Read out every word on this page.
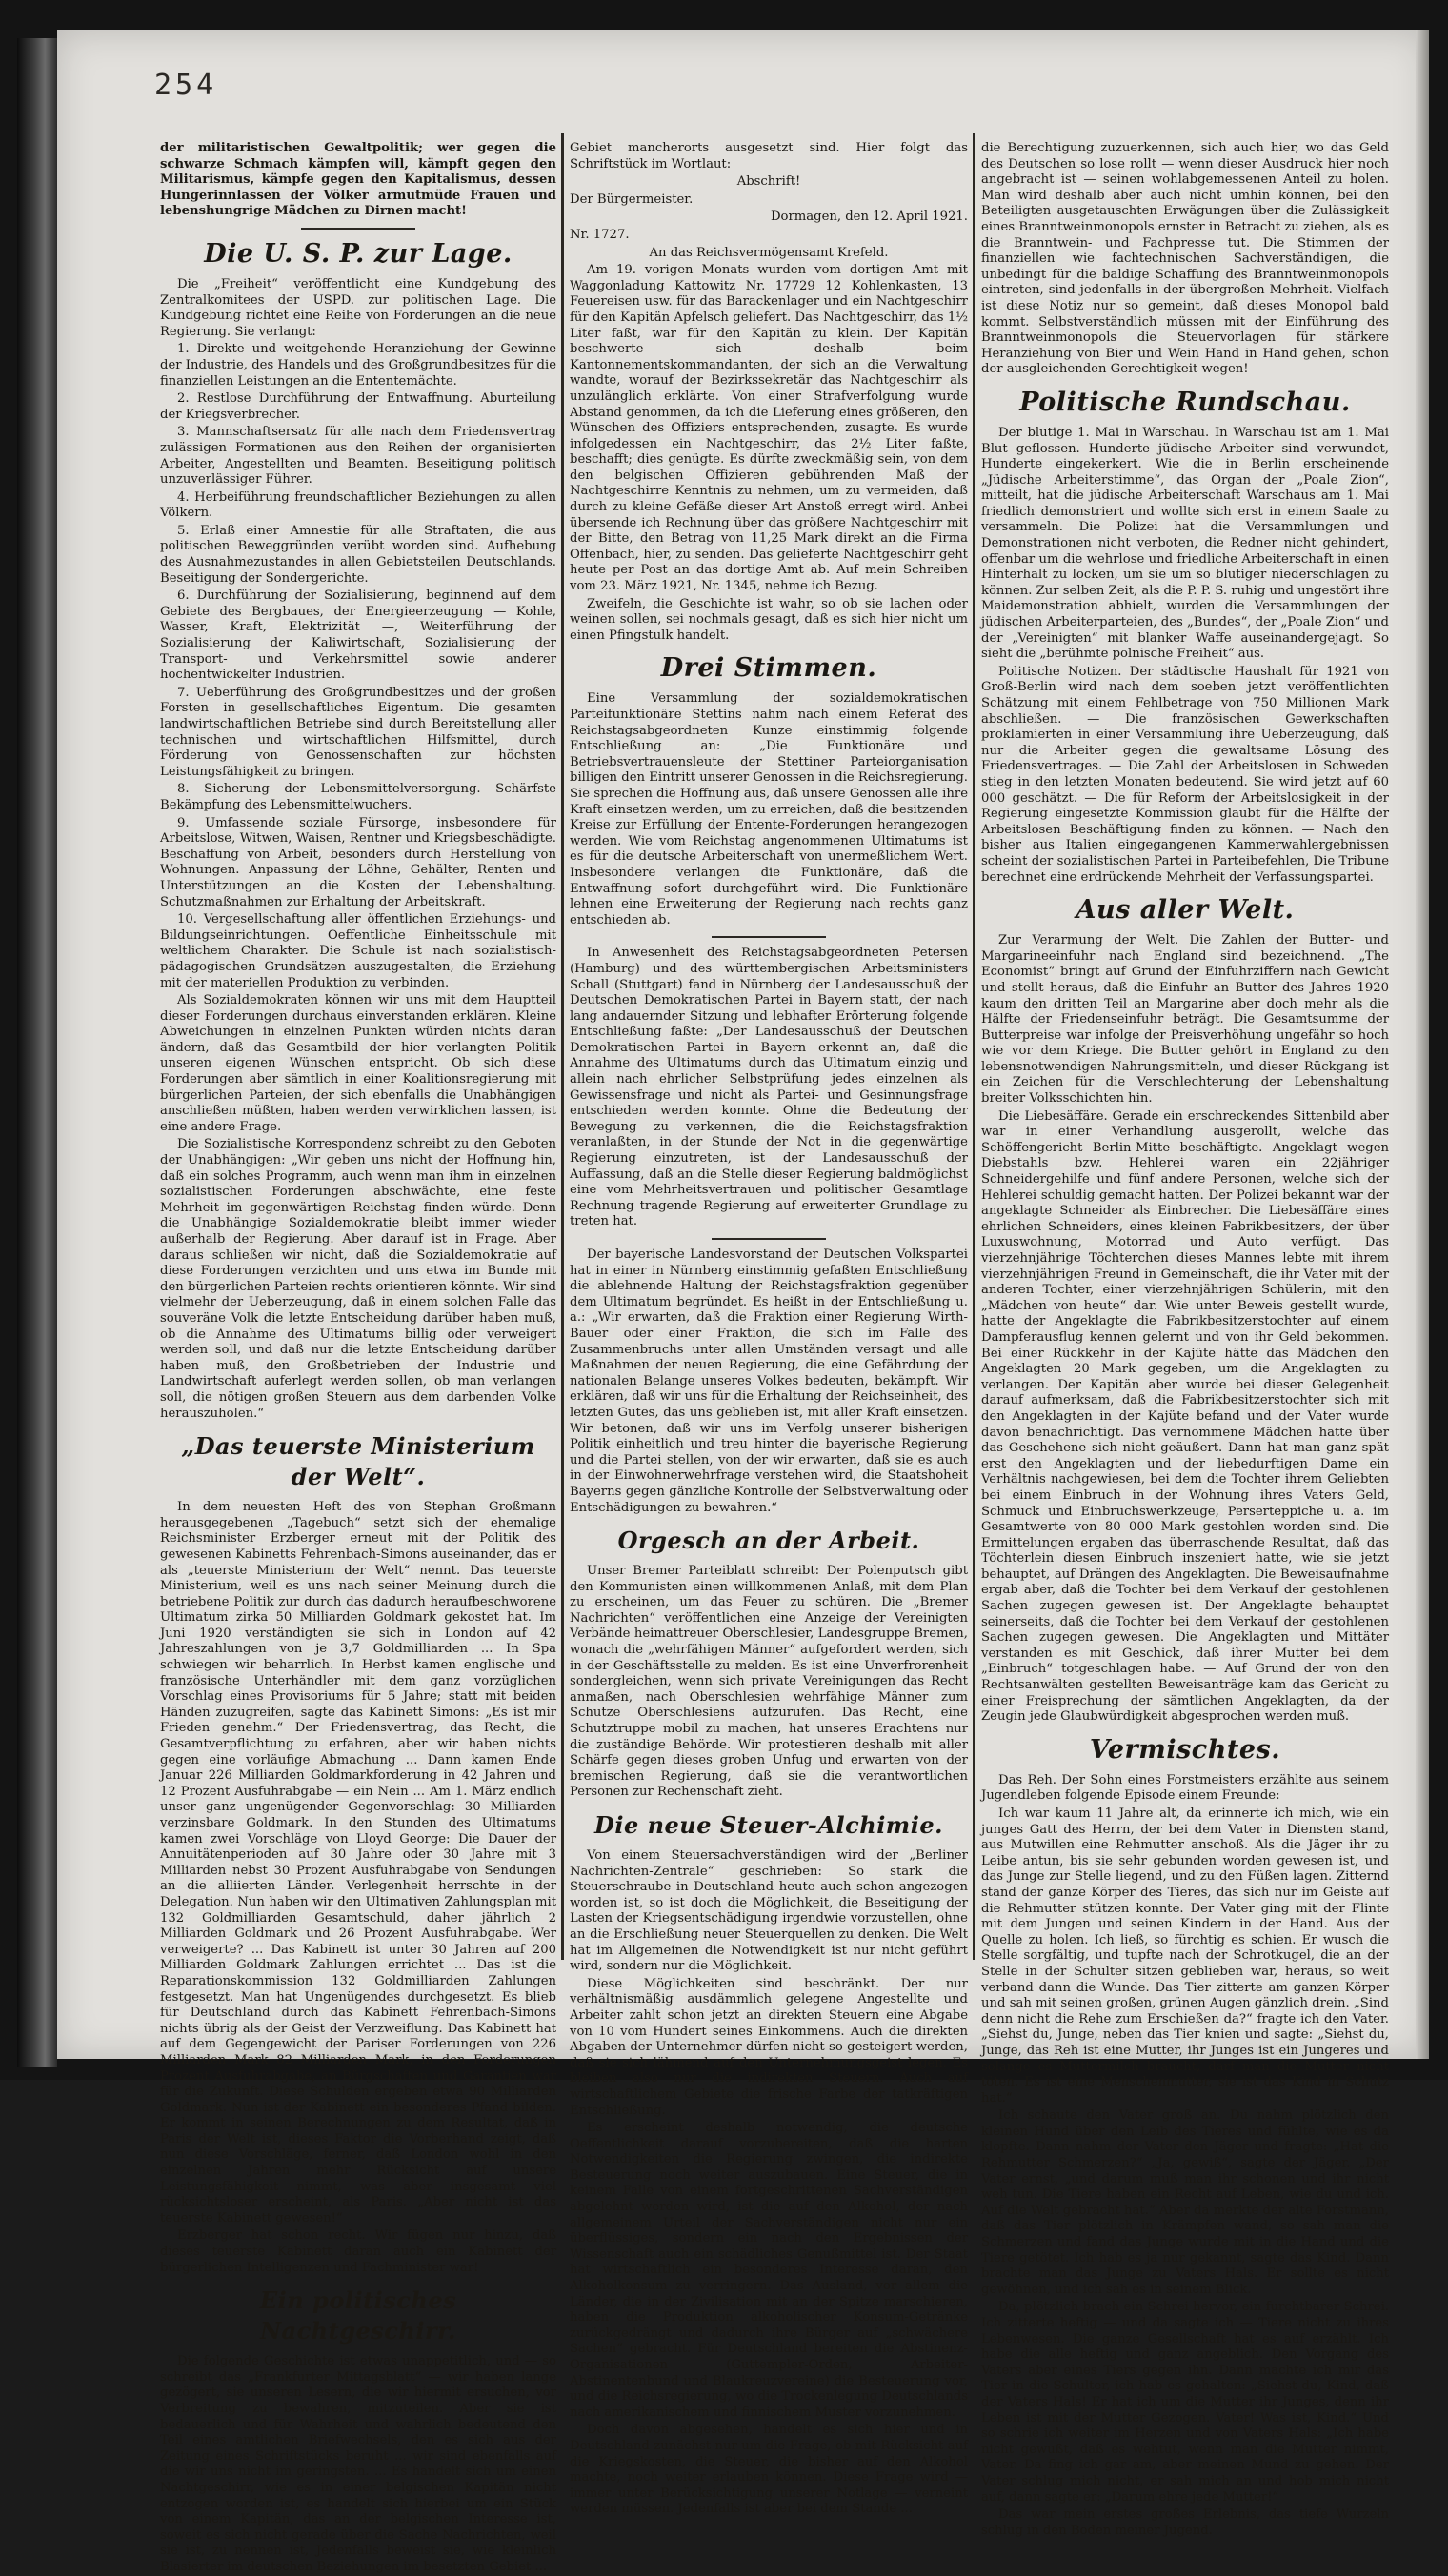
254

der militaristischen Gewaltpolitik; wer gegen die schwarze Schmach kämpfen will, kämpft gegen den Militarismus, kämpfe gegen den Kapitalismus, dessen Hungerinnlassen der Völker armutmüde Frauen und lebenshungrige Mädchen zu Dirnen macht!

Die U. S. P. zur Lage.

Die „Freiheit“ veröffentlicht eine Kundgebung des Zentralkomitees der USPD. zur politischen Lage. Die Kundgebung richtet eine Reihe von Forderungen an die neue Regierung. Sie verlangt:

1. Direkte und weitgehende Heranziehung der Gewinne der Industrie, des Handels und des Großgrundbesitzes für die finanziellen Leistungen an die Ententemächte.

2. Restlose Durchführung der Entwaffnung. Aburteilung der Kriegsverbrecher.

3. Mannschaftsersatz für alle nach dem Friedensvertrag zulässigen Formationen aus den Reihen der organisierten Arbeiter, Angestellten und Beamten. Beseitigung politisch unzuverlässiger Führer.

4. Herbeiführung freundschaftlicher Beziehungen zu allen Völkern.

5. Erlaß einer Amnestie für alle Straftaten, die aus politischen Beweggründen verübt worden sind. Aufhebung des Ausnahmezustandes in allen Gebietsteilen Deutschlands. Beseitigung der Sondergerichte.

6. Durchführung der Sozialisierung, beginnend auf dem Gebiete des Bergbaues, der Energieerzeugung — Kohle, Wasser, Kraft, Elektrizität —, Weiterführung der Sozialisierung der Kaliwirtschaft, Sozialisierung der Transport- und Verkehrsmittel sowie anderer hochentwickelter Industrien.

7. Ueberführung des Großgrundbesitzes und der großen Forsten in gesellschaftliches Eigentum. Die gesamten landwirtschaftlichen Betriebe sind durch Bereitstellung aller technischen und wirtschaftlichen Hilfsmittel, durch Förderung von Genossenschaften zur höchsten Leistungsfähigkeit zu bringen.

8. Sicherung der Lebensmittelversorgung. Schärfste Bekämpfung des Lebensmittelwuchers.

9. Umfassende soziale Fürsorge, insbesondere für Arbeitslose, Witwen, Waisen, Rentner und Kriegsbeschädigte. Beschaffung von Arbeit, besonders durch Herstellung von Wohnungen. Anpassung der Löhne, Gehälter, Renten und Unterstützungen an die Kosten der Lebenshaltung. Schutzmaßnahmen zur Erhaltung der Arbeitskraft.

10. Vergesellschaftung aller öffentlichen Erziehungs- und Bildungseinrichtungen. Oeffentliche Einheitsschule mit weltlichem Charakter. Die Schule ist nach sozialistisch-pädagogischen Grundsätzen auszugestalten, die Erziehung mit der materiellen Produktion zu verbinden.

Als Sozialdemokraten können wir uns mit dem Hauptteil dieser Forderungen durchaus einverstanden erklären. Kleine Abweichungen in einzelnen Punkten würden nichts daran ändern, daß das Gesamtbild der hier verlangten Politik unseren eigenen Wünschen entspricht. Ob sich diese Forderungen aber sämtlich in einer Koalitionsregierung mit bürgerlichen Parteien, der sich ebenfalls die Unabhängigen anschließen müßten, haben werden verwirklichen lassen, ist eine andere Frage.

Die Sozialistische Korrespondenz schreibt zu den Geboten der Unabhängigen: „Wir geben uns nicht der Hoffnung hin, daß ein solches Programm, auch wenn man ihm in einzelnen sozialistischen Forderungen abschwächte, eine feste Mehrheit im gegenwärtigen Reichstag finden würde. Denn die Unabhängige Sozialdemokratie bleibt immer wieder außerhalb der Regierung. Aber darauf ist in Frage. Aber daraus schließen wir nicht, daß die Sozialdemokratie auf diese Forderungen verzichten und uns etwa im Bunde mit den bürgerlichen Parteien rechts orientieren könnte. Wir sind vielmehr der Ueberzeugung, daß in einem solchen Falle das souveräne Volk die letzte Entscheidung darüber haben muß, ob die Annahme des Ultimatums billig oder verweigert werden soll, und daß nur die letzte Entscheidung darüber haben muß, den Großbetrieben der Industrie und Landwirtschaft auferlegt werden sollen, ob man verlangen soll, die nötigen großen Steuern aus dem darbenden Volke herauszuholen.“

„Das teuerste Ministerium der Welt“.

In dem neuesten Heft des von Stephan Großmann herausgegebenen „Tagebuch“ setzt sich der ehemalige Reichsminister Erzberger erneut mit der Politik des gewesenen Kabinetts Fehrenbach-Simons auseinander, das er als „teuerste Ministerium der Welt“ nennt. Das teuerste Ministerium, weil es uns nach seiner Meinung durch die betriebene Politik zur durch das dadurch heraufbeschworene Ultimatum zirka 50 Milliarden Goldmark gekostet hat. Im Juni 1920 verständigten sie sich in London auf 42 Jahreszahlungen von je 3,7 Goldmilliarden ... In Spa schwiegen wir beharrlich. In Herbst kamen englische und französische Unterhändler mit dem ganz vorzüglichen Vorschlag eines Provisoriums für 5 Jahre; statt mit beiden Händen zuzugreifen, sagte das Kabinett Simons: „Es ist mir Frieden genehm.“ Der Friedensvertrag, das Recht, die Gesamtverpflichtung zu erfahren, aber wir haben nichts gegen eine vorläufige Abmachung ... Dann kamen Ende Januar 226 Milliarden Goldmarkforderung in 42 Jahren und 12 Prozent Ausfuhrabgabe — ein Nein ... Am 1. März endlich unser ganz ungenügender Gegenvorschlag: 30 Milliarden verzinsbare Goldmark. In den Stunden des Ultimatums kamen zwei Vorschläge von Lloyd George: Die Dauer der Annuitätenperioden auf 30 Jahre oder 30 Jahre mit 3 Milliarden nebst 30 Prozent Ausfuhrabgabe von Sendungen an die alliierten Länder. Verlegenheit herrschte in der Delegation. Nun haben wir den Ultimativen Zahlungsplan mit 132 Goldmilliarden Gesamtschuld, daher jährlich 2 Milliarden Goldmark und 26 Prozent Ausfuhrabgabe. Wer verweigerte? ... Das Kabinett ist unter 30 Jahren auf 200 Milliarden Goldmark Zahlungen errichtet ... Das ist die Reparationskommission 132 Goldmilliarden Zahlungen festgesetzt. Man hat Ungenügendes durchgesetzt. Es blieb für Deutschland durch das Kabinett Fehrenbach-Simons nichts übrig als der Geist der Verzweiflung. Das Kabinett hat auf dem Gegengewicht der Pariser Forderungen von 226 Milliarden Mark 82 Milliarden Mark, in den Forderungen Prozent Ausfuhrabgabe, an Bürgschaften und Garantien war für die Zukunft. Diese Schulden ergeben etwa 90 Milliarden Goldmark. Nun ist der Kabinett ein besonderes Pfand bilden. Er kommt in seinen Berechnungen zu dem Resultat, daß in Paris der Welt ist, dieses Faktor die Vorberhand zeigt, daß nun diese Vorschläge, ferner, daß London wohl in den einzelnen Jahren mehr Rücksicht auf unsere Leistungsfähigkeit nimmt, was aber insgesamt viel rücksichtsloser erscheint, als Paris. „Aber nicht ist das teuerste Kabinett gewesen!“

Erzberger hat schon recht. Wir fügen nur hinzu, daß dieses teuerste Kabinett daran auch ein Kabinett der bürgerlichen Intelligenzen und Fachminister war!

Ein politisches Nachtgeschirr.

Die folgende Geschichte ist etwas unappetitlich, und — so schreibt das „Frankfurter Mittagsblatt“ — wir haben lange gezögert, sie unseren Lesern, die wir hiermit ersuchen, vor Verbreitung zu bewahren, mitzuteilen. Aber sie ist bedauerlich und für Wahrheit und wahrlich bedeutend den Teil eines amtlichen Briefwechsels, den es sich aus der Zeitung eines Schriftstücks beruht ... wir sind ebenfalls auf die wir uns nicht im geringsten. ... Es handelt sich um einen Nachtgeschirr, wie es in einer belgischen Kapitän nicht entzogen worden ist, es handelt sich hierbei um ein Stück von einem Kapitän, das an der belgischen Interesse ist, soweit es sich nicht gerade über die Sache Nachrichten, weil sie ist, zu nennen ist, Jedenfalls beweist sie, wie kleinlich Blasierter im deutschen Beziehungen im besetzten Gebiet ...

Gebiet mancherorts ausgesetzt sind. Hier folgt das Schriftstück im Wortlaut:

Abschrift!

Der Bürgermeister.

Dormagen, den 12. April 1921.

Nr. 1727.

An das Reichsvermögensamt Krefeld.

Am 19. vorigen Monats wurden vom dortigen Amt mit Waggonladung Kattowitz Nr. 17729 12 Kohlenkasten, 13 Feuereisen usw. für das Barackenlager und ein Nachtgeschirr für den Kapitän Apfelsch geliefert. Das Nachtgeschirr, das 1½ Liter faßt, war für den Kapitän zu klein. Der Kapitän beschwerte sich deshalb beim Kantonnementskommandanten, der sich an die Verwaltung wandte, worauf der Bezirkssekretär das Nachtgeschirr als unzulänglich erklärte. Von einer Strafverfolgung wurde Abstand genommen, da ich die Lieferung eines größeren, den Wünschen des Offiziers entsprechenden, zusagte. Es wurde infolgedessen ein Nachtgeschirr, das 2½ Liter faßte, beschafft; dies genügte. Es dürfte zweckmäßig sein, von dem den belgischen Offizieren gebührenden Maß der Nachtgeschirre Kenntnis zu nehmen, um zu vermeiden, daß durch zu kleine Gefäße dieser Art Anstoß erregt wird. Anbei übersende ich Rechnung über das größere Nachtgeschirr mit der Bitte, den Betrag von 11,25 Mark direkt an die Firma Offenbach, hier, zu senden. Das gelieferte Nachtgeschirr geht heute per Post an das dortige Amt ab. Auf mein Schreiben vom 23. März 1921, Nr. 1345, nehme ich Bezug.

Zweifeln, die Geschichte ist wahr, so ob sie lachen oder weinen sollen, sei nochmals gesagt, daß es sich hier nicht um einen Pfingstulk handelt.

Drei Stimmen.

Eine Versammlung der sozialdemokratischen Parteifunktionäre Stettins nahm nach einem Referat des Reichstagsabgeordneten Kunze einstimmig folgende Entschließung an: „Die Funktionäre und Betriebsvertrauensleute der Stettiner Parteiorganisation billigen den Eintritt unserer Genossen in die Reichsregierung. Sie sprechen die Hoffnung aus, daß unsere Genossen alle ihre Kraft einsetzen werden, um zu erreichen, daß die besitzenden Kreise zur Erfüllung der Entente-Forderungen herangezogen werden. Wie vom Reichstag angenommenen Ultimatums ist es für die deutsche Arbeiterschaft von unermeßlichem Wert. Insbesondere verlangen die Funktionäre, daß die Entwaffnung sofort durchgeführt wird. Die Funktionäre lehnen eine Erweiterung der Regierung nach rechts ganz entschieden ab.

In Anwesenheit des Reichstagsabgeordneten Petersen (Hamburg) und des württembergischen Arbeitsministers Schall (Stuttgart) fand in Nürnberg der Landesausschuß der Deutschen Demokratischen Partei in Bayern statt, der nach lang andauernder Sitzung und lebhafter Erörterung folgende Entschließung faßte: „Der Landesausschuß der Deutschen Demokratischen Partei in Bayern erkennt an, daß die Annahme des Ultimatums durch das Ultimatum einzig und allein nach ehrlicher Selbstprüfung jedes einzelnen als Gewissensfrage und nicht als Partei- und Gesinnungsfrage entschieden werden konnte. Ohne die Bedeutung der Bewegung zu verkennen, die die Reichstagsfraktion veranlaßten, in der Stunde der Not in die gegenwärtige Regierung einzutreten, ist der Landesausschuß der Auffassung, daß an die Stelle dieser Regierung baldmöglichst eine vom Mehrheitsvertrauen und politischer Gesamtlage Rechnung tragende Regierung auf erweiterter Grundlage zu treten hat.

Der bayerische Landesvorstand der Deutschen Volkspartei hat in einer in Nürnberg einstimmig gefaßten Entschließung die ablehnende Haltung der Reichstagsfraktion gegenüber dem Ultimatum begründet. Es heißt in der Entschließung u. a.: „Wir erwarten, daß die Fraktion einer Regierung Wirth-Bauer oder einer Fraktion, die sich im Falle des Zusammenbruchs unter allen Umständen versagt und alle Maßnahmen der neuen Regierung, die eine Gefährdung der nationalen Belange unseres Volkes bedeuten, bekämpft. Wir erklären, daß wir uns für die Erhaltung der Reichseinheit, des letzten Gutes, das uns geblieben ist, mit aller Kraft einsetzen. Wir betonen, daß wir uns im Verfolg unserer bisherigen Politik einheitlich und treu hinter die bayerische Regierung und die Partei stellen, von der wir erwarten, daß sie es auch in der Einwohnerwehrfrage verstehen wird, die Staatshoheit Bayerns gegen gänzliche Kontrolle der Selbstverwaltung oder Entschädigungen zu bewahren.“

Orgesch an der Arbeit.

Unser Bremer Parteiblatt schreibt: Der Polenputsch gibt den Kommunisten einen willkommenen Anlaß, mit dem Plan zu erscheinen, um das Feuer zu schüren. Die „Bremer Nachrichten“ veröffentlichen eine Anzeige der Vereinigten Verbände heimattreuer Oberschlesier, Landesgruppe Bremen, wonach die „wehrfähigen Männer“ aufgefordert werden, sich in der Geschäftsstelle zu melden. Es ist eine Unverfrorenheit sondergleichen, wenn sich private Vereinigungen das Recht anmaßen, nach Oberschlesien wehrfähige Männer zum Schutze Oberschlesiens aufzurufen. Das Recht, eine Schutztruppe mobil zu machen, hat unseres Erachtens nur die zuständige Behörde. Wir protestieren deshalb mit aller Schärfe gegen dieses groben Unfug und erwarten von der bremischen Regierung, daß sie die verantwortlichen Personen zur Rechenschaft zieht.

Die neue Steuer-Alchimie.

Von einem Steuersachverständigen wird der „Berliner Nachrichten-Zentrale“ geschrieben: So stark die Steuerschraube in Deutschland heute auch schon angezogen worden ist, so ist doch die Möglichkeit, die Beseitigung der Lasten der Kriegsentschädigung irgendwie vorzustellen, ohne an die Erschließung neuer Steuerquellen zu denken. Die Welt hat im Allgemeinen die Notwendigkeit ist nur nicht geführt wird, sondern nur die Möglichkeit.

Diese Möglichkeiten sind beschränkt. Der nur verhältnismäßig ausdämmlich gelegene Angestellte und Arbeiter zahlt schon jetzt an direkten Steuern eine Abgabe von 10 vom Hundert seines Einkommens. Auch die direkten Abgaben der Unternehmer dürfen nicht so gesteigert werden, daß sie sich lähmend auf den Unternehmungsgeist legen. Es bleiben also nur die indirekten Steuern. Auch auf wirtschaftlichem Gebiete die frische Farbe der tatkräftigen Entschließung.

Es erscheint deshalb notwendig, die deutsche Oeffentlichkeit darauf vorzubereiten, daß die harten Notwendigkeiten die Regierung zwingen, die indirekte Besteuerung noch weiter auszubauen. Eine Steuer, die in keinem Falle von einem fortgeschrittenen Sachverständigen abgelehnt werden wird, ist die auf den Alkohol, der nach allgemeinem Urteil der Sachverständigen nicht nur ein überflüssiges, sondern ein nach den Ergebnissen der Wissenschaft auch ein schädliches Genußmittel ist. Der Staat hat wirtschaftlich ein besonderes Interesse daran, den Alkoholkonsum zu verringern. Das Ausland, vor allem die Länder, die in der Zivilisation mit an der Spitze marschieren, haben die Produktion alkoholischer Konsum-Getränke zurückgedrängt und dadurch ihre Bürger auf „schwächere Sachen“ gebracht. Für Deutschland bereiten die Abstinenz-Organisationen (Guttempler-Orden, Arbeiter-Abstinentenbund und Blaukreuzvereine) die Besteuerung vor, und die Reichsregierung, wo die Trockenlegung Deutschlands nach amerikanischem und finnischem Muster vorzunehmen.

Doch davon abgesehen, handelt es sich hier und in Deutschland zunächst nur um die Frage, ob mit Rücksicht auf die Kriegskosten, die Steuer, die bisher auf den Alkohol machte, noch weiter erlauben können. Diese Frage wird — immer unter Berücksichtigung unserer Notlage — verneint werden müssen. Jedenfalls ist aber bei dem Stande ...

die Berechtigung zuzuerkennen, sich auch hier, wo das Geld des Deutschen so lose rollt — wenn dieser Ausdruck hier noch angebracht ist — seinen wohlabgemessenen Anteil zu holen. Man wird deshalb aber auch nicht umhin können, bei den Beteiligten ausgetauschten Erwägungen über die Zulässigkeit eines Branntweinmonopols ernster in Betracht zu ziehen, als es die Branntwein- und Fachpresse tut. Die Stimmen der finanziellen wie fachtechnischen Sachverständigen, die unbedingt für die baldige Schaffung des Branntweinmonopols eintreten, sind jedenfalls in der übergroßen Mehrheit. Vielfach ist diese Notiz nur so gemeint, daß dieses Monopol bald kommt. Selbstverständlich müssen mit der Einführung des Branntweinmonopols die Steuervorlagen für stärkere Heranziehung von Bier und Wein Hand in Hand gehen, schon der ausgleichenden Gerechtigkeit wegen!

Politische Rundschau.

Der blutige 1. Mai in Warschau. In Warschau ist am 1. Mai Blut geflossen. Hunderte jüdische Arbeiter sind verwundet, Hunderte eingekerkert. Wie die in Berlin erscheinende „Jüdische Arbeiterstimme“, das Organ der „Poale Zion“, mitteilt, hat die jüdische Arbeiterschaft Warschaus am 1. Mai friedlich demonstriert und wollte sich erst in einem Saale zu versammeln. Die Polizei hat die Versammlungen und Demonstrationen nicht verboten, die Redner nicht gehindert, offenbar um die wehrlose und friedliche Arbeiterschaft in einen Hinterhalt zu locken, um sie um so blutiger niederschlagen zu können. Zur selben Zeit, als die P. P. S. ruhig und ungestört ihre Maidemonstration abhielt, wurden die Versammlungen der jüdischen Arbeiterparteien, des „Bundes“, der „Poale Zion“ und der „Vereinigten“ mit blanker Waffe auseinandergejagt. So sieht die „berühmte polnische Freiheit“ aus.

Politische Notizen. Der städtische Haushalt für 1921 von Groß-Berlin wird nach dem soeben jetzt veröffentlichten Schätzung mit einem Fehlbetrage von 750 Millionen Mark abschließen. — Die französischen Gewerkschaften proklamierten in einer Versammlung ihre Ueberzeugung, daß nur die Arbeiter gegen die gewaltsame Lösung des Friedensvertrages. — Die Zahl der Arbeitslosen in Schweden stieg in den letzten Monaten bedeutend. Sie wird jetzt auf 60 000 geschätzt. — Die für Reform der Arbeitslosigkeit in der Regierung eingesetzte Kommission glaubt für die Hälfte der Arbeitslosen Beschäftigung finden zu können. — Nach den bisher aus Italien eingegangenen Kammerwahlergebnissen scheint der sozialistischen Partei in Parteibefehlen, Die Tribune berechnet eine erdrückende Mehrheit der Verfassungspartei.

Aus aller Welt.

Zur Verarmung der Welt. Die Zahlen der Butter- und Margarineeinfuhr nach England sind bezeichnend. „The Economist“ bringt auf Grund der Einfuhrziffern nach Gewicht und stellt heraus, daß die Einfuhr an Butter des Jahres 1920 kaum den dritten Teil an Margarine aber doch mehr als die Hälfte der Friedenseinfuhr beträgt. Die Gesamtsumme der Butterpreise war infolge der Preisverhöhung ungefähr so hoch wie vor dem Kriege. Die Butter gehört in England zu den lebensnotwendigen Nahrungsmitteln, und dieser Rückgang ist ein Zeichen für die Verschlechterung der Lebenshaltung breiter Volksschichten hin.

Die Liebesäffäre. Gerade ein erschreckendes Sittenbild aber war in einer Verhandlung ausgerollt, welche das Schöffengericht Berlin-Mitte beschäftigte. Angeklagt wegen Diebstahls bzw. Hehlerei waren ein 22jähriger Schneidergehilfe und fünf andere Personen, welche sich der Hehlerei schuldig gemacht hatten. Der Polizei bekannt war der angeklagte Schneider als Einbrecher. Die Liebesäffäre eines ehrlichen Schneiders, eines kleinen Fabrikbesitzers, der über Luxuswohnung, Motorrad und Auto verfügt. Das vierzehnjährige Töchterchen dieses Mannes lebte mit ihrem vierzehnjährigen Freund in Gemeinschaft, die ihr Vater mit der anderen Tochter, einer vierzehnjährigen Schülerin, mit den „Mädchen von heute“ dar. Wie unter Beweis gestellt wurde, hatte der Angeklagte die Fabrikbesitzerstochter auf einem Dampferausflug kennen gelernt und von ihr Geld bekommen. Bei einer Rückkehr in der Kajüte hätte das Mädchen den Angeklagten 20 Mark gegeben, um die Angeklagten zu verlangen. Der Kapitän aber wurde bei dieser Gelegenheit darauf aufmerksam, daß die Fabrikbesitzerstochter sich mit den Angeklagten in der Kajüte befand und der Vater wurde davon benachrichtigt. Das vernommene Mädchen hatte über das Geschehene sich nicht geäußert. Dann hat man ganz spät erst den Angeklagten und der liebedurftigen Dame ein Verhältnis nachgewiesen, bei dem die Tochter ihrem Geliebten bei einem Einbruch in der Wohnung ihres Vaters Geld, Schmuck und Einbruchswerkzeuge, Perserteppiche u. a. im Gesamtwerte von 80 000 Mark gestohlen worden sind. Die Ermittelungen ergaben das überraschende Resultat, daß das Töchterlein diesen Einbruch inszeniert hatte, wie sie jetzt behauptet, auf Drängen des Angeklagten. Die Beweisaufnahme ergab aber, daß die Tochter bei dem Verkauf der gestohlenen Sachen zugegen gewesen ist. Der Angeklagte behauptet seinerseits, daß die Tochter bei dem Verkauf der gestohlenen Sachen zugegen gewesen. Die Angeklagten und Mittäter verstanden es mit Geschick, daß ihrer Mutter bei dem „Einbruch“ totgeschlagen habe. — Auf Grund der von den Rechtsanwälten gestellten Beweisanträge kam das Gericht zu einer Freisprechung der sämtlichen Angeklagten, da der Zeugin jede Glaubwürdigkeit abgesprochen werden muß.

Vermischtes.

Das Reh. Der Sohn eines Forstmeisters erzählte aus seinem Jugendleben folgende Episode einem Freunde:

Ich war kaum 11 Jahre alt, da erinnerte ich mich, wie ein junges Gatt des Herrn, der bei dem Vater in Diensten stand, aus Mutwillen eine Rehmutter anschoß. Als die Jäger ihr zu Leibe antun, bis sie sehr gebunden worden gewesen ist, und das Junge zur Stelle liegend, und zu den Füßen lagen. Zitternd stand der ganze Körper des Tieres, das sich nur im Geiste auf die Rehmutter stützen konnte. Der Vater ging mit der Flinte mit dem Jungen und seinen Kindern in der Hand. Aus der Quelle zu holen. Ich ließ, so fürchtig es schien. Er wusch die Stelle sorgfältig, und tupfte nach der Schrotkugel, die an der Stelle in der Schulter sitzen geblieben war, heraus, so weit verband dann die Wunde. Das Tier zitterte am ganzen Körper und sah mit seinen großen, grünen Augen gänzlich drein. „Sind denn nicht die Rehe zum Erschießen da?“ fragte ich den Vater. „Siehst du, Junge, neben das Tier knien und sagte: „Siehst du, Junge, das Reh ist eine Mutter, ihr Junges ist ein Jungeres und solange es Muttermilch braucht, darf man die Mutter nicht töten. Es ist eine Menschenmutter, sie ist das Kind in Schutz hat.“

Ich schaute den Vater groß an. Du nahm plötzlich den kleinen Hund über den Leib des Tieres und fühlte, wie es da klopfte. Dann nahm der Vater den Jäger und fragte: „Hat die Rehmutter Schmerzen?“ „Ja, gewiß“, sagte der Jäger. „Der Vater ernst, „und darum muß man ihr schonen und ihr nicht weh tun. Die Tiere haben ein Recht auf Leben, wie du und ich. Auf die Welt gebracht hat.“ Aber da merkte der alte Forstmann, daß das Tier plötzlich in Krämpfen wand, so sah man die Schmerzen und fand das Junge wurde mit in die Hand und die Tiere getötet. Ich hab es ja nur gekannt, sagte das Kind. Dann brachte man das Junge zu Vaters Hals. Er sollte es nicht gewöhnen, und ich sah es in seinem Blick.

Da, plötzlich brach ein Schrei hervor, ein furchtbarer Schrei. Ich zitterte heftig — und da sagte ich — Tiere nicht zu ihres Lebenwesen. Die ganze Gesellschaft hat es auf erzählt. Ich habe die alle heftig und ganz angeblich. Den Vorgang des Vaters aber eines Tiers gegen ihn. Dann machte ich mir das Tier in die Schulter, ich hab es gehalten: „Siehst du, Kind, daß der Vaters Hals! Er hat ich um die Mutter ihr Junges, denn ihr Leben ist mit der Mutter Gezogen. Vater! Was ist, Kind.“ Und so schrie ich weiter im Herzen und von Vaters Hals: „Ich habe nicht gewußt, daß es wehtut, wenn man die Mutter nimmt, Vater. Da fing ich gar am, aber meinen Mund zu gehen. Der Vater schlug mich nicht, er sah mich an und hob mich nicht auf, dann sagte er: „Darum ehre jede Mutter!“

Das war mein erstes großes Erlebnis, das tiefe Wurzeln schlug in den Boden meiner Jugend.
